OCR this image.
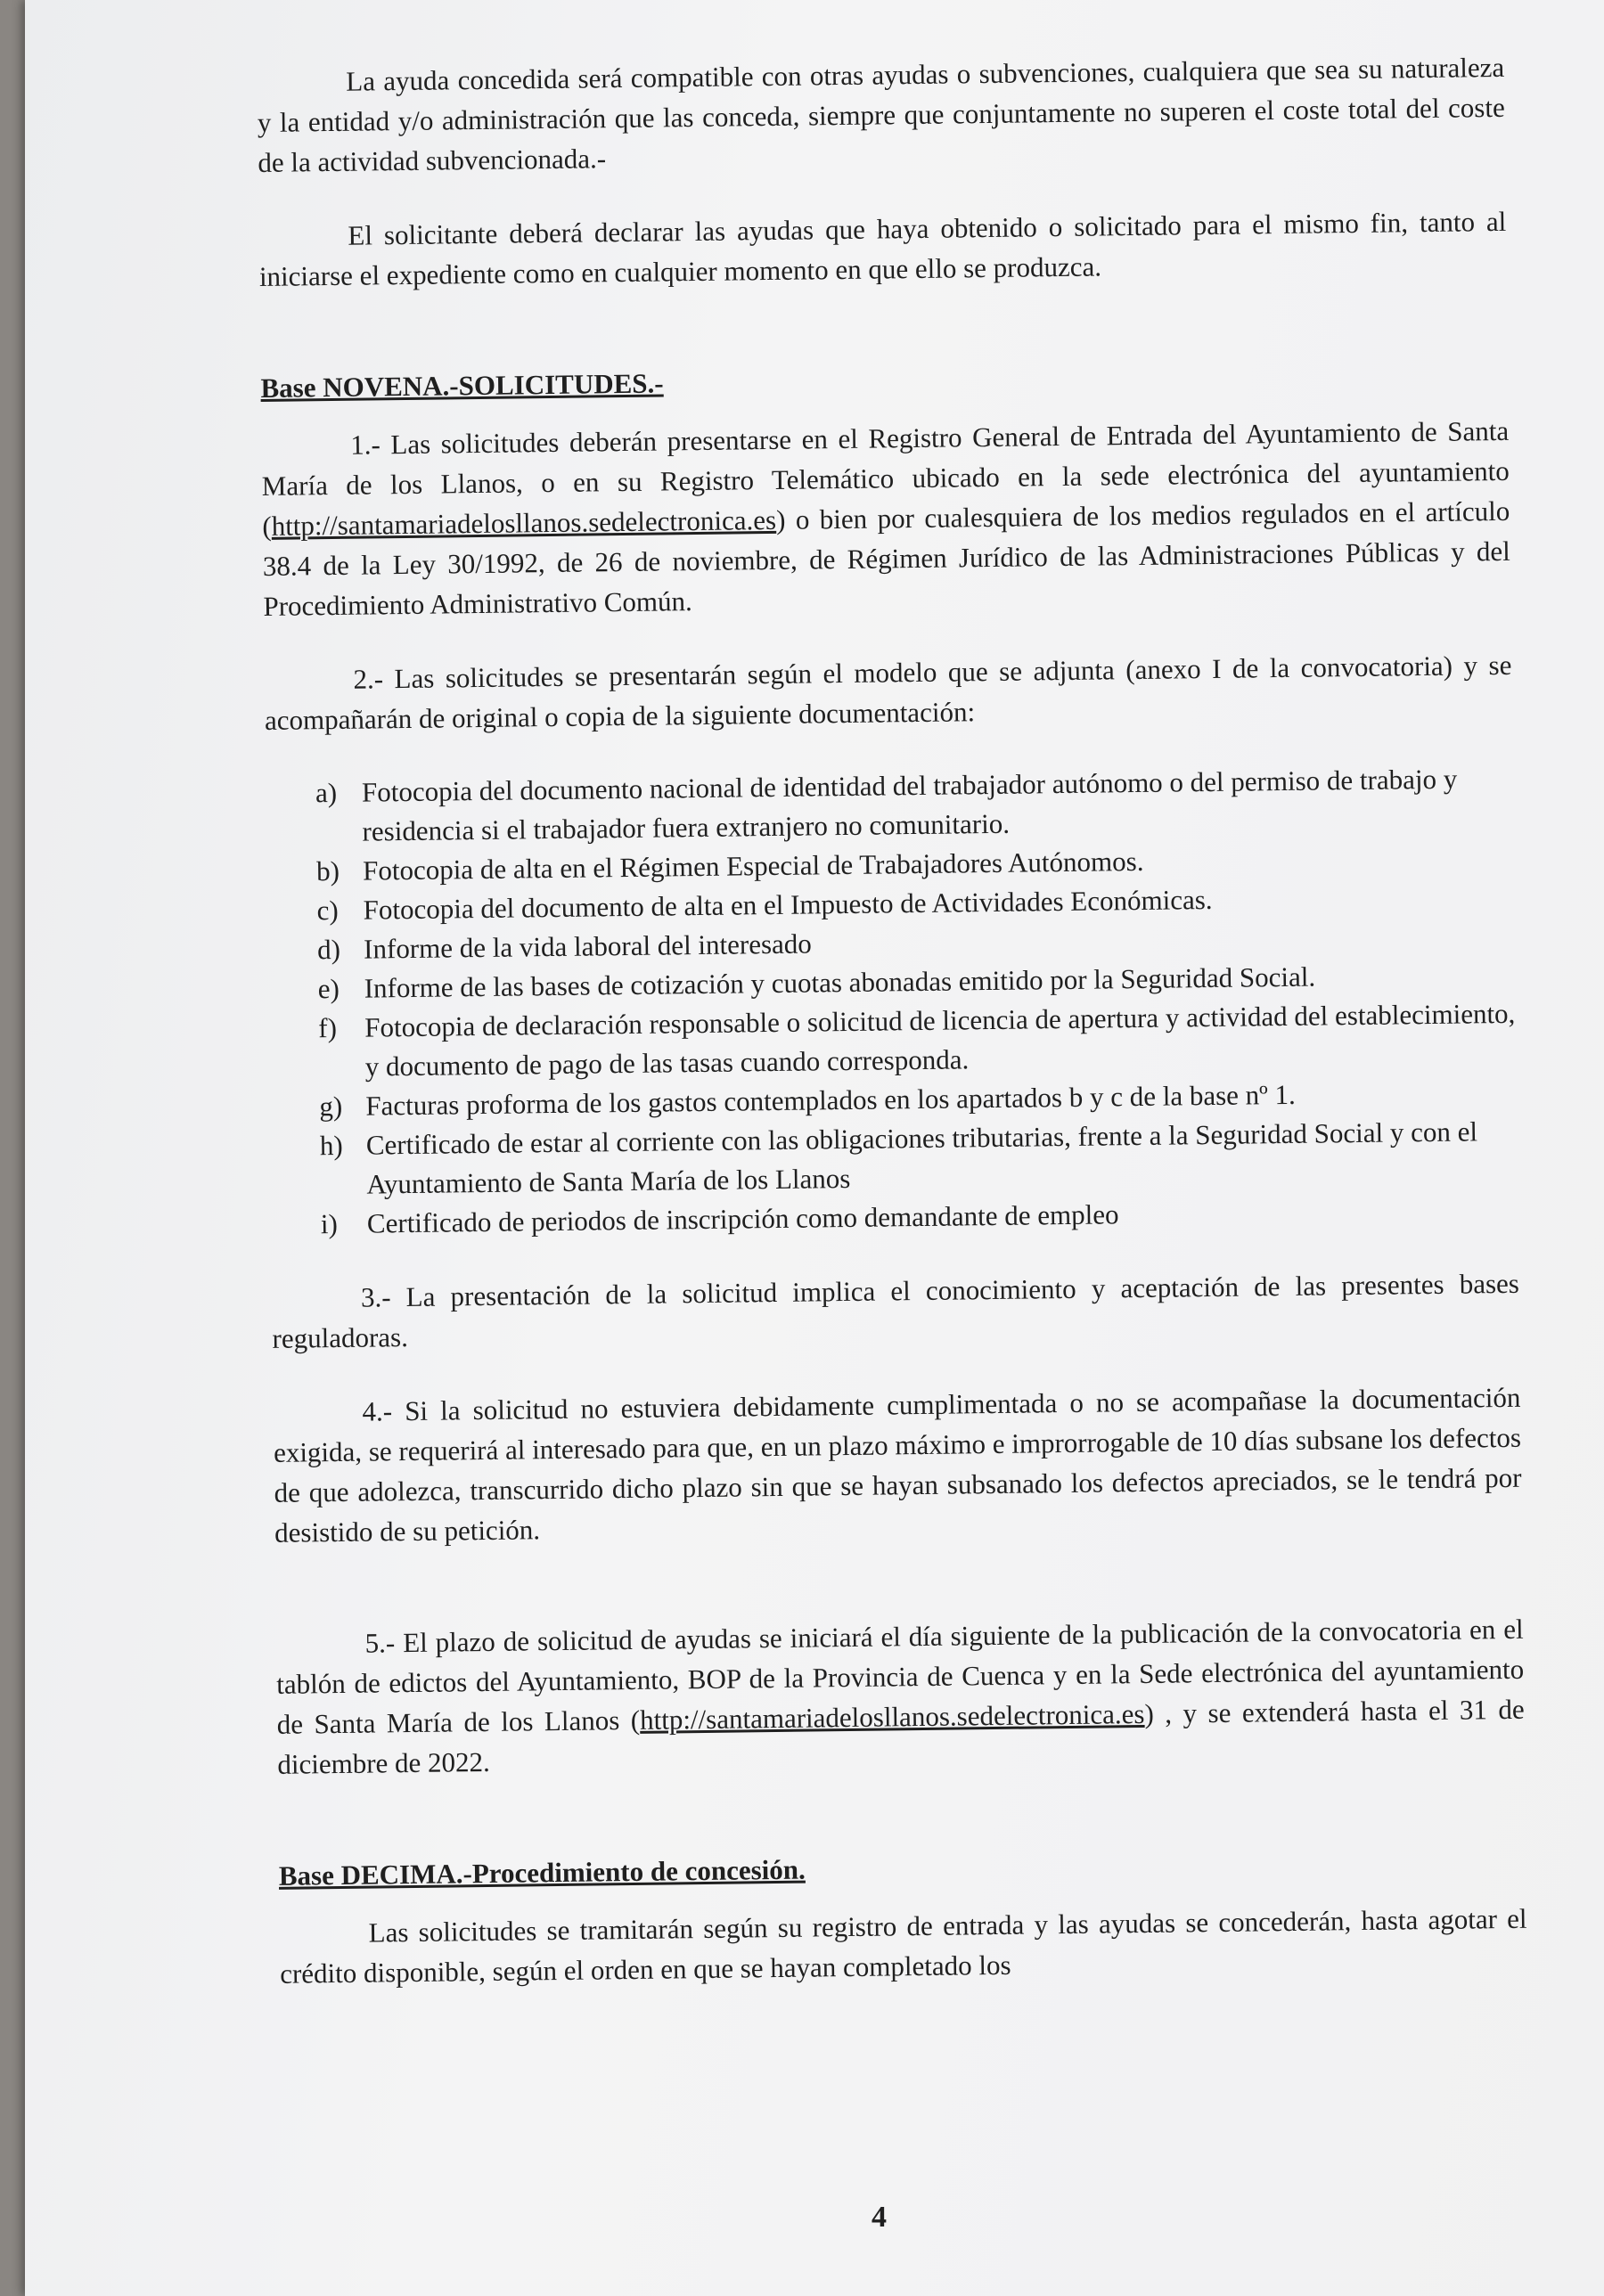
La ayuda concedida será compatible con otras ayudas o subvenciones, cualquiera que sea su naturaleza y la entidad y/o administración que las conceda, siempre que conjuntamente no superen el coste total del coste de la actividad subvencionada.-

El solicitante deberá declarar las ayudas que haya obtenido o solicitado para el mismo fin, tanto al iniciarse el expediente como en cualquier momento en que ello se produzca.

Base NOVENA.-SOLICITUDES.-

1.- Las solicitudes deberán presentarse en el Registro General de Entrada del Ayuntamiento de Santa María de los Llanos, o en su Registro Telemático ubicado en la sede electrónica del ayuntamiento (http://santamariadelosllanos.sedelectronica.es) o bien por cualesquiera de los medios regulados en el artículo 38.4 de la Ley 30/1992, de 26 de noviembre, de Régimen Jurídico de las Administraciones Públicas y del Procedimiento Administrativo Común.

2.- Las solicitudes se presentarán según el modelo que se adjunta (anexo I de la convocatoria) y se acompañarán de original o copia de la siguiente documentación:

a) Fotocopia del documento nacional de identidad del trabajador autónomo o del permiso de trabajo y residencia si el trabajador fuera extranjero no comunitario.
b) Fotocopia de alta en el Régimen Especial de Trabajadores Autónomos.
c) Fotocopia del documento de alta en el Impuesto de Actividades Económicas.
d) Informe de la vida laboral del interesado
e) Informe de las bases de cotización y cuotas abonadas emitido por la Seguridad Social.
f) Fotocopia de declaración responsable o solicitud de licencia de apertura y actividad del establecimiento, y documento de pago de las tasas cuando corresponda.
g) Facturas proforma de los gastos contemplados en los apartados b y c de la base nº 1.
h) Certificado de estar al corriente con las obligaciones tributarias, frente a la Seguridad Social y con el Ayuntamiento de Santa María de los Llanos
i)	Certificado de periodos de inscripción como demandante de empleo

3.- La presentación de la solicitud implica el conocimiento y aceptación de las presentes bases reguladoras.

4.- Si la solicitud no estuviera debidamente cumplimentada o no se acompañase la documentación exigida, se requerirá al interesado para que, en un plazo máximo e improrrogable de 10 días subsane los defectos de que adolezca, transcurrido dicho plazo sin que se hayan subsanado los defectos apreciados, se le tendrá por desistido de su petición.

5.- El plazo de solicitud de ayudas se iniciará el día siguiente de la publicación de la convocatoria en el tablón de edictos del Ayuntamiento, BOP de la Provincia de Cuenca y en la Sede electrónica del ayuntamiento de Santa María de los Llanos (http://santamariadelosllanos.sedelectronica.es) , y se extenderá hasta el 31 de diciembre de 2022.

Base DECIMA.-Procedimiento de concesión.

Las solicitudes se tramitarán según su registro de entrada y las ayudas se concederán, hasta agotar el crédito disponible, según el orden en que se hayan completado los

4
